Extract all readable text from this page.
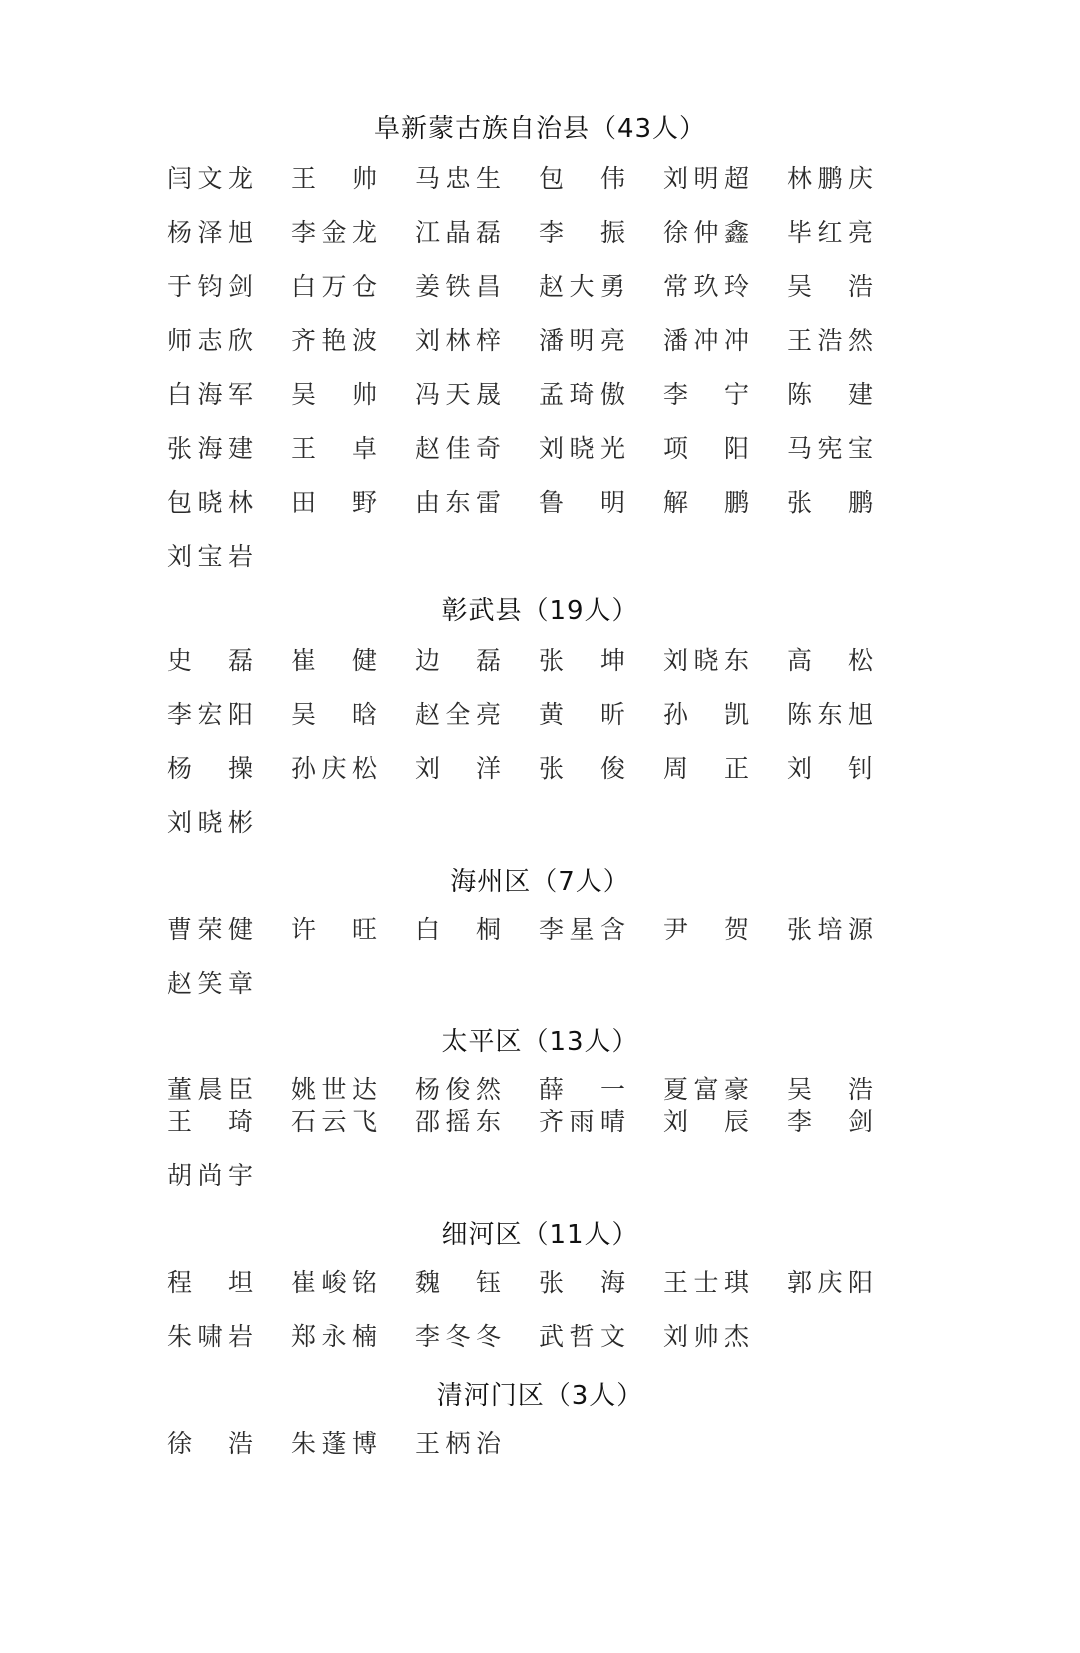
阜新蒙古族自治县（43人）
彰武县（19人）
海州区（7人）
太平区（13人）
细河区（11人）
清河门区（3人）
闫 文 龙 王 帅 马 忠 生 包 伟 刘 明 超 林 鹏 庆
杨 泽 旭 李 金 龙 江 晶 磊 李 振 徐 仲 鑫 毕 红 亮
于 钧 剑 白 万 仓 姜 铁 昌 赵 大 勇 常 玖 玲 吴 浩
师 志 欣 齐 艳 波 刘 林 梓 潘 明 亮 潘 冲 冲 王 浩 然
白 海 军 吴 帅 冯 天 晟 孟 琦 傲 李 宁 陈 建
张 海 建 王 卓 赵 佳 奇 刘 晓 光 项 阳 马 宪 宝
包 晓 林 田 野 由 东 雷 鲁 明 解 鹏 张 鹏
刘 宝 岩
史 磊 崔 健 边 磊 张 坤 刘 晓 东 高 松
李 宏 阳 吴 晗 赵 全 亮 黄 昕 孙 凯 陈 东 旭
杨 操 孙 庆 松 刘 洋 张 俊 周 正 刘 钊
刘 晓 彬
曹 荣 健 许 旺 白 桐 李 星 含 尹 贺 张 培 源
赵 笑 章
董 晨 臣 姚 世 达 杨 俊 然 薛 一 夏 富 豪 吴 浩
王 琦 石 云 飞 邵 摇 东 齐 雨 晴 刘 辰 李 剑
胡 尚 宇
程 坦 崔 峻 铭 魏 钰 张 海 王 士 琪 郭 庆 阳
朱 啸 岩 郑 永 楠 李 冬 冬 武 哲 文 刘 帅 杰
徐 浩 朱 蓬 博 王 柄 治
